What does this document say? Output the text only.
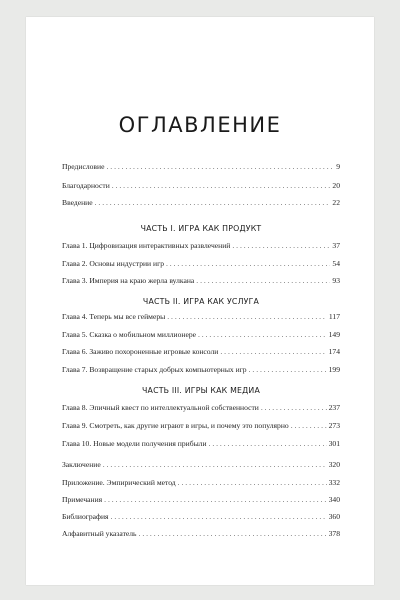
ОГЛАВЛЕНИЕ
Предисловие . . .	9
Благодарности . . .	20
Введение . . .	22
ЧАСТЬ I. ИГРА КАК ПРОДУКТ
Глава 1. Цифровизация интерактивных развлечений . . .	37
Глава 2. Основы индустрии игр . . .	54
Глава 3. Империя на краю жерла вулкана . . .	93
ЧАСТЬ II. ИГРА КАК УСЛУГА
Глава 4. Теперь мы все геймеры . . .	117
Глава 5. Сказка о мобильном миллионере . . .	149
Глава 6. Заживо похороненные игровые консоли . . .	174
Глава 7. Возвращение старых добрых компьютерных игр . . .	199
ЧАСТЬ III. ИГРЫ КАК МЕДИА
Глава 8. Эпичный квест по интеллектуальной собственности . . .	237
Глава 9. Смотреть, как другие играют в игры, и почему это популярно . . .	273
Глава 10. Новые модели получения прибыли . . .	301
Заключение . . .	320
Приложение. Эмпирический метод . . .	332
Примечания . . .	340
Библиография . . .	360
Алфавитный указатель . . .	378
